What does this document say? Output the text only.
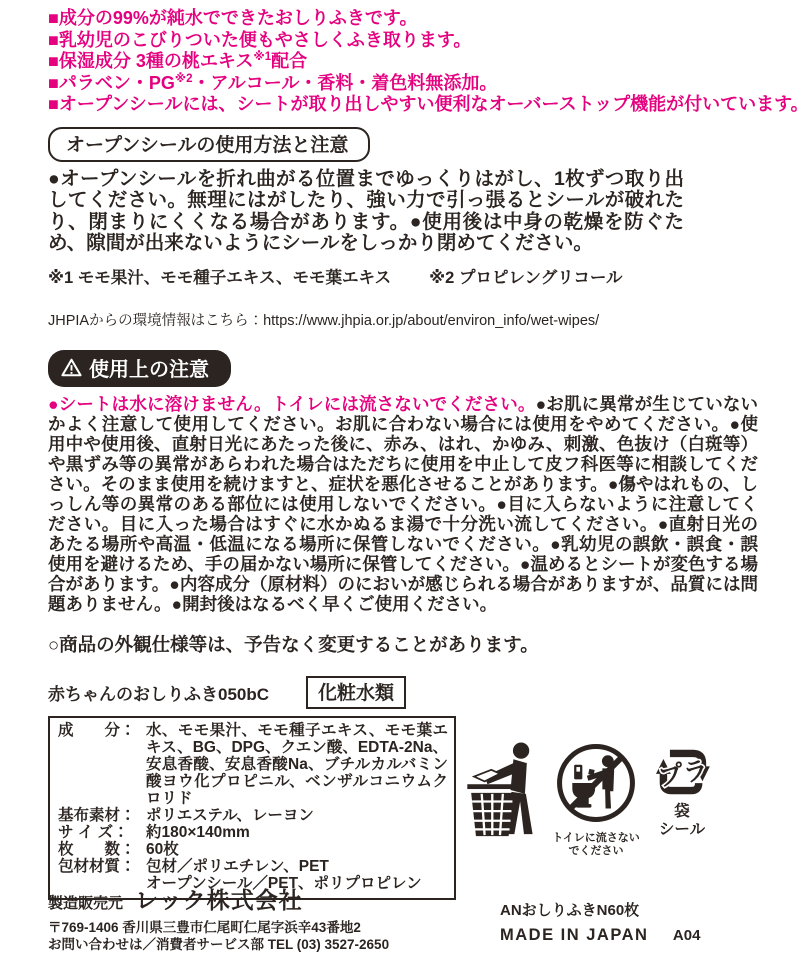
■成分の99%が純水でできたおしりふきです。
■乳幼児のこびりついた便もやさしくふき取ります。
■保湿成分 3種の桃エキス$^{※1}$配合
■パラベン・PG$^{※2}$・アルコール・香料・着色料無添加。
■オープンシールには、シートが取り出しやすい便利なオーバーストップ機能が付いています。
オープンシールの使用方法と注意

●オープンシールを折れ曲がる位置までゆっくりはがし、1枚ずつ取り出してください。無理にはがしたり、強い力で引っ張るとシールが破れたり、閉まりにくくなる場合があります。●使用後は中身の乾燥を防ぐため、隙間が出来ないようにシールをしっかり閉めてください。

※1 モモ果汁、モモ種子エキス、モモ葉エキス ※2 プロピレングリコール

JHPIAからの環境情報はこちら：https://www.jhpia.or.jp/about/environ_info/wet-wipes/

使用上の注意

●シートは水に溶けません。トイレには流さないでください。●お肌に異常が生じていないかよく注意して使用してください。お肌に合わない場合には使用をやめてください。●使用中や使用後、直射日光にあたった後に、赤み、はれ、かゆみ、刺激、色抜け（白斑等）や黒ずみ等の異常があらわれた場合はただちに使用を中止して皮フ科医等に相談してください。そのまま使用を続けますと、症状を悪化させることがあります。●傷やはれもの、しっしん等の異常のある部位には使用しないでください。●目に入らないように注意してください。目に入った場合はすぐに水かぬるま湯で十分洗い流してください。●直射日光のあたる場所や高温・低温になる場所に保管しないでください。●乳幼児の誤飲・誤食・誤使用を避けるため、手の届かない場所に保管してください。●温めるとシートが変色する場合があります。●内容成分（原材料）のにおいが感じられる場合がありますが、品質には問題ありません。●開封後はなるべく早くご使用ください。

○商品の外観仕様等は、予告なく変更することがあります。

赤ちゃんのおしりふき050bC	化粧水類
成　　分： 水、モモ果汁、モモ種子エキス、モモ葉エキス、BG、DPG、クエン酸、EDTA-2Na、安息香酸、安息香酸Na、ブチルカルバミン酸ヨウ化プロピニル、ベンザルコニウムクロリド
基布素材： ポリエステル、レーヨン
サ イ ズ：	約180×140mm
枚　　数： 60枚
包材材質： 包材／ポリエチレン、PET
オープンシール／PET、ポリプロピレン
トイレに流さない
でください
プラ
袋
シール
製造販売元 レック株式会社
〒769-1406 香川県三豊市仁尾町仁尾字浜辛43番地2
お問い合わせは／消費者サービス部 TEL (03) 3527-2650
ANおしりふきN60枚
MADE IN JAPAN A04
